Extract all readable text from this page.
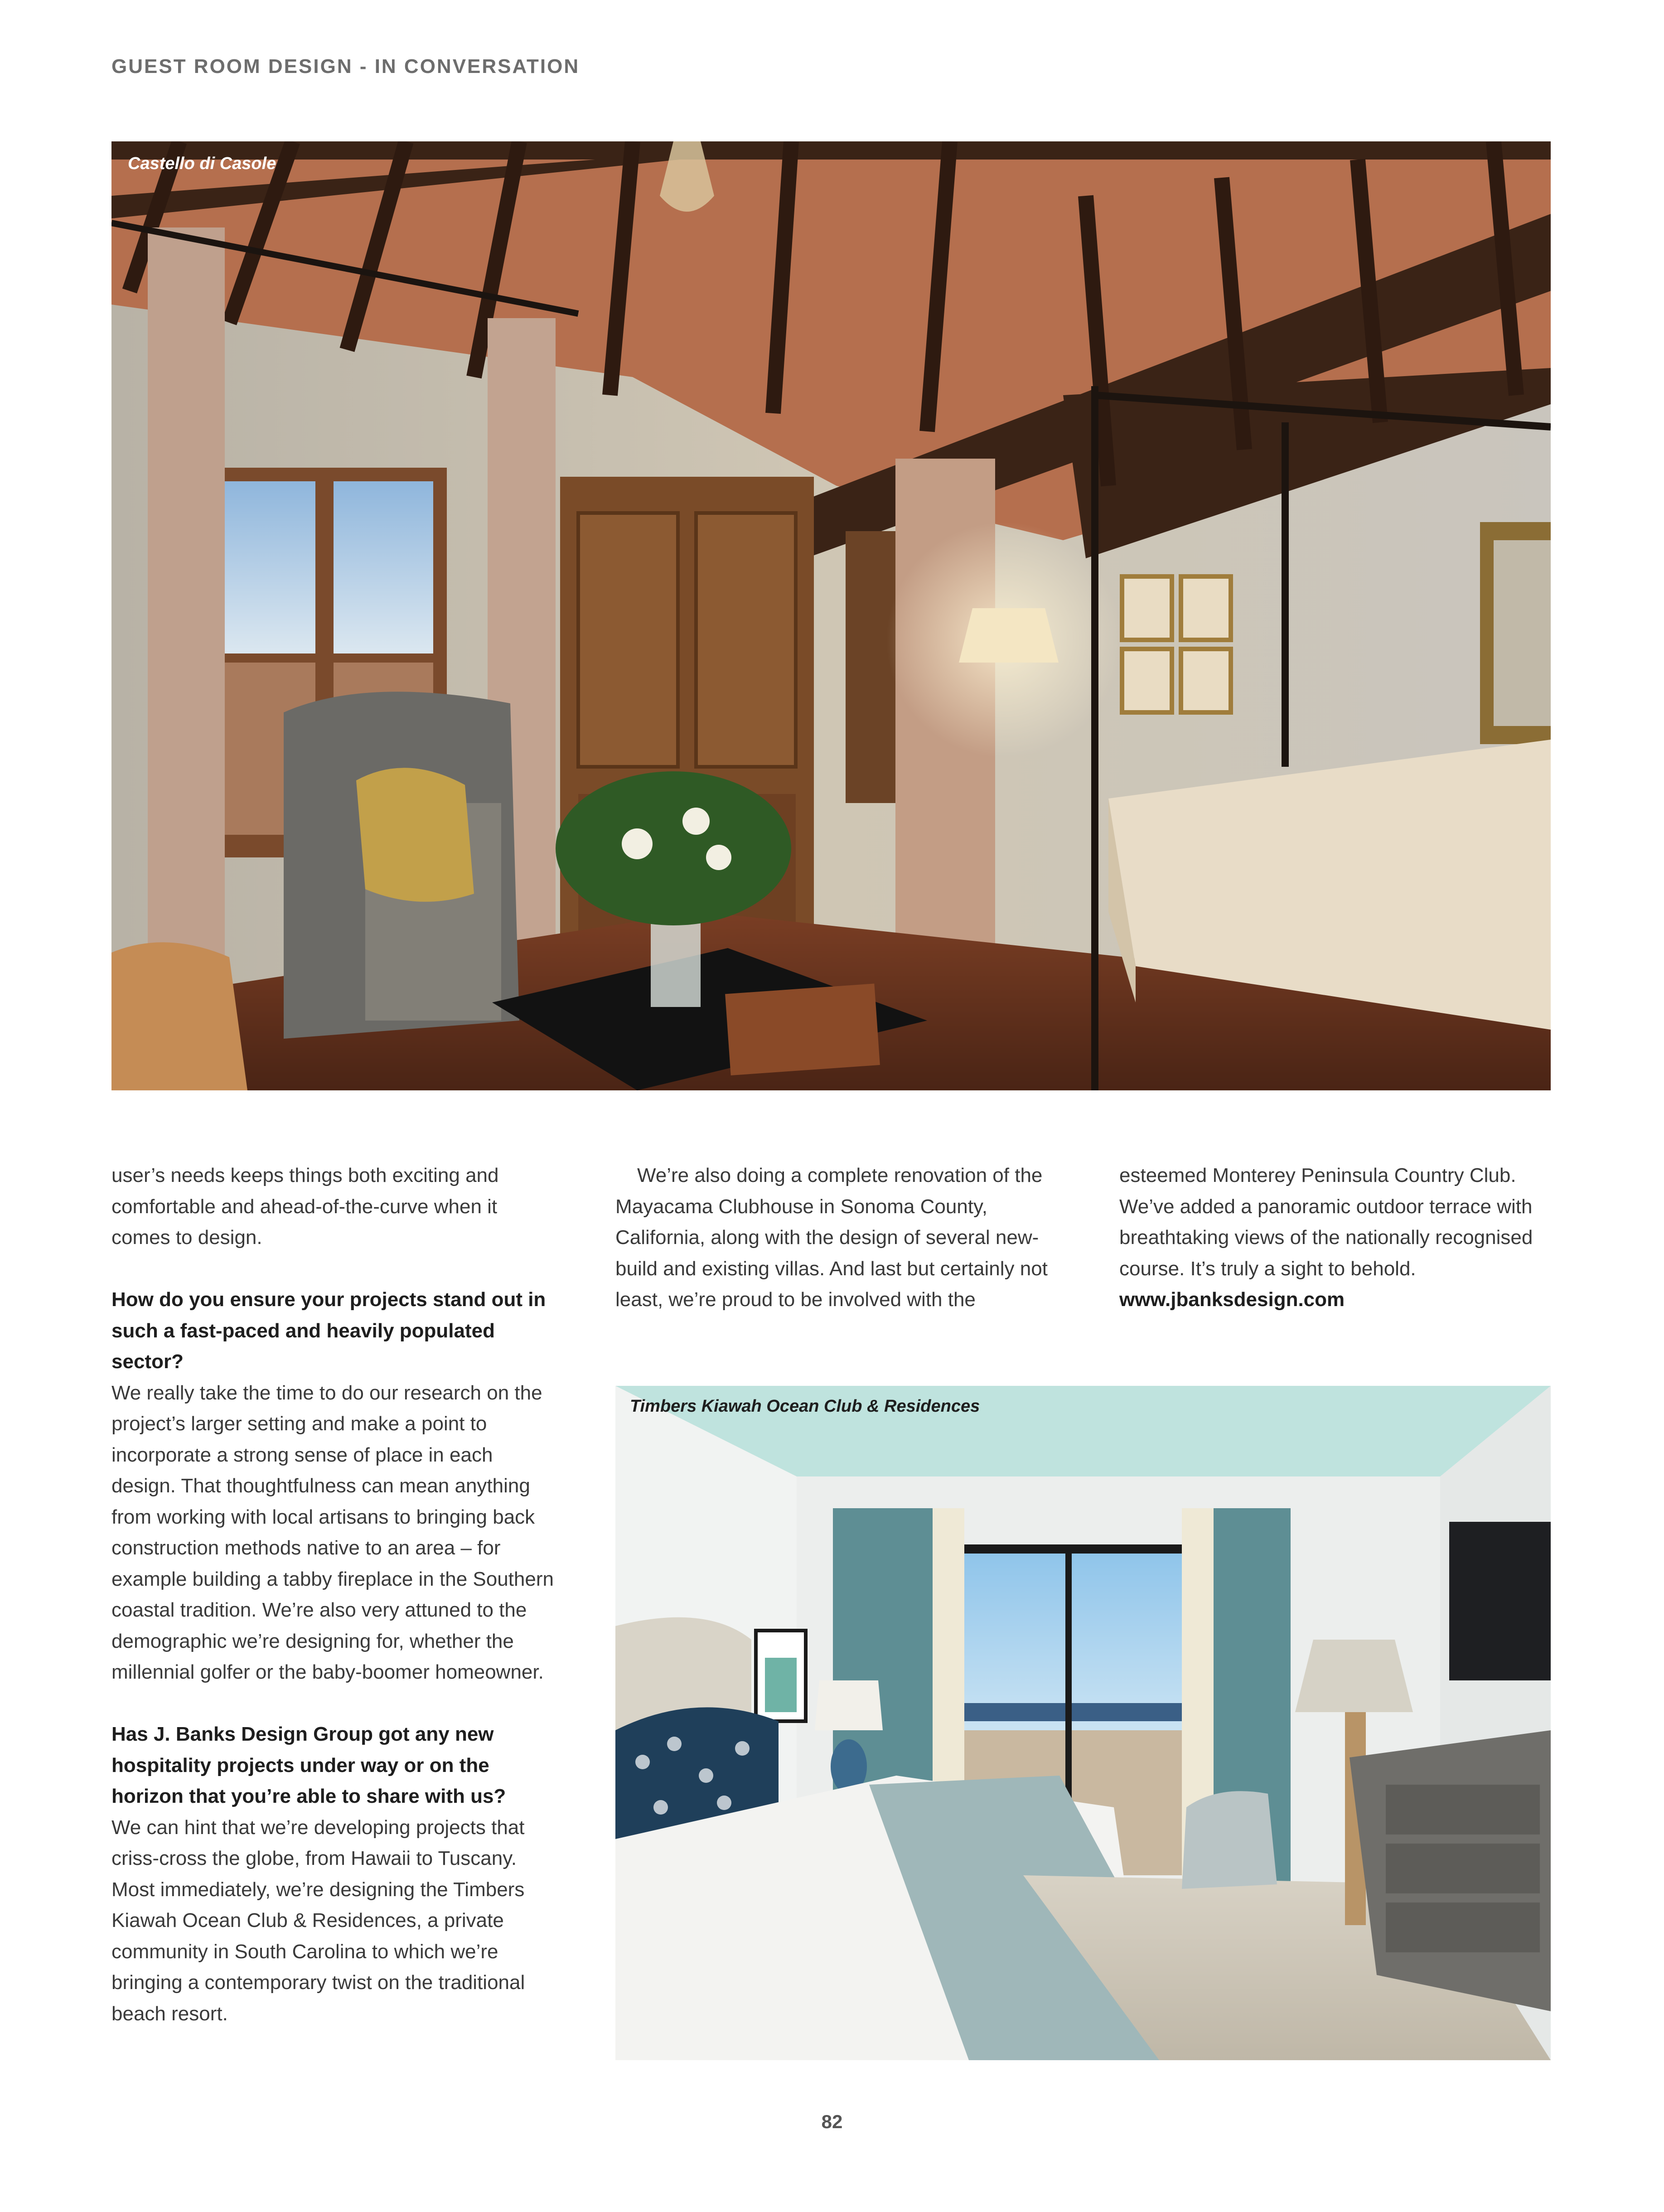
GUEST ROOM DESIGN - IN CONVERSATION
Castello di Casole

user’s needs keeps things both exciting and comfortable and ahead-of-the-curve when it comes to design.

How do you ensure your projects stand out in such a fast-paced and heavily populated sector?

We really take the time to do our research on the project’s larger setting and make a point to incorporate a strong sense of place in each design. That thoughtfulness can mean anything from working with local artisans to bringing back construction methods native to an area – for example building a tabby fireplace in the Southern coastal tradition. We’re also very attuned to the demographic we’re designing for, whether the millennial golfer or the baby-boomer homeowner.

Has J. Banks Design Group got any new hospitality projects under way or on the horizon that you’re able to share with us?

We can hint that we’re developing projects that criss-cross the globe, from Hawaii to Tuscany. Most immediately, we’re designing the Timbers Kiawah Ocean Club & Residences, a private community in South Carolina to which we’re bringing a contemporary twist on the traditional beach resort.

We’re also doing a complete renovation of the Mayacama Clubhouse in Sonoma County, California, along with the design of several new-build and existing villas. And last but certainly not least, we’re proud to be involved with the

esteemed Monterey Peninsula Country Club. We’ve added a panoramic outdoor terrace with breathtaking views of the nationally recognised course. It’s truly a sight to behold.

www.jbanksdesign.com

Timbers Kiawah Ocean Club & Residences
82
